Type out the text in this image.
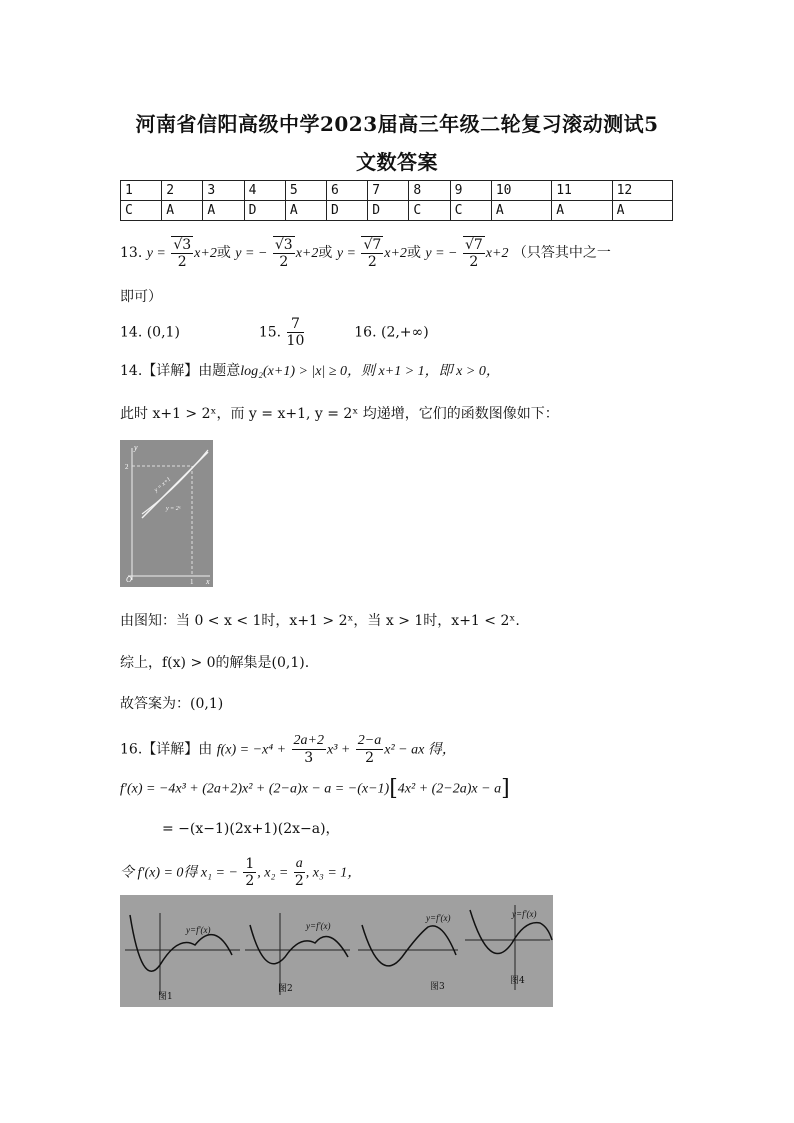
河南省信阳高级中学2023届高三年级二轮复习滚动测试5
文数答案
1	2	3	4	5	6	7	8	9	10	11	12
C	A	A	D	A	D	D	C	C	A	A	A
13. $y = \frac{√3}{2} x+2$或 y = − $\frac{√3}{2} x+2$或 $y = \frac{√7}{2} x+2$或 y = − $\frac{√7}{2} x+2$ （只答其中之一
即可）
14. (0,1)	15. $\frac{7}{10}$	16. (2,+∞)
14.【详解】由题意log₂(x+1) > |x| ≥ 0，则 x+1 > 1，即 x > 0，
此时 x+1 > 2ˣ，而 y = x+1, y = 2ˣ 均递增，它们的函数图像如下：
O
y
x
2
1
y = x+1
y = 2ˣ
由图知：当 0 < x < 1时，x+1 > 2ˣ，当 x > 1时，x+1 < 2ˣ.
综上，f(x) > 0的解集是(0,1).
故答案为：(0,1)
16.【详解】由 $f(x) = -x^4 + \frac{2a+2}{3} x^3 + \frac{2-a}{2} x^2$ − ax 得，
f′(x) = −4x³ + (2a+2)x² + (2−a)x − a = −(x−1)[4x² + (2−2a)x − a]
= −(x−1)(2x+1)(2x−a)，
令 f′(x) = 0得 x₁ = − $\frac{1}{2}$ , $x_2 = \frac{a}{2}$ , x₃ = 1，
y=f′(x)
图1
y=f′(x)
图2
y=f′(x)
图3
y=f′(x)
图4
